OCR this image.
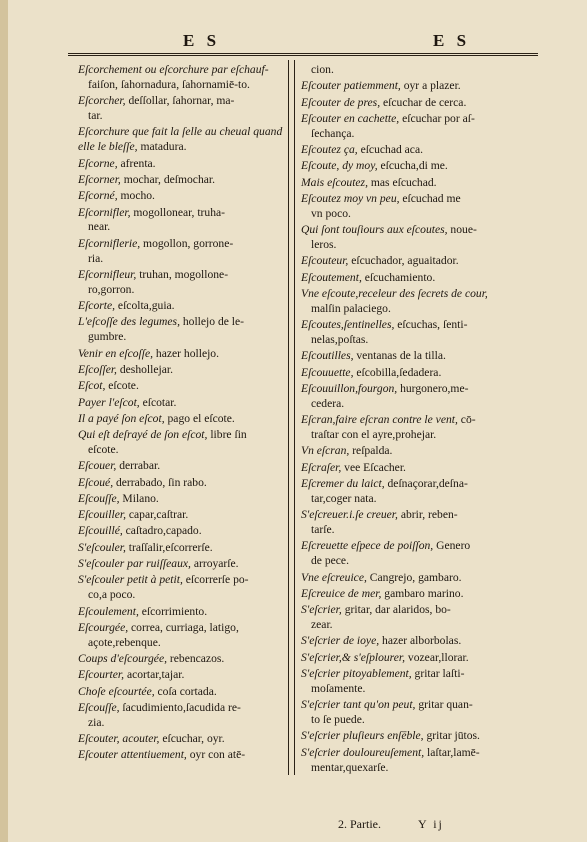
E S	E S
Eſcorchement ou eſcorchure par eſchauf-
faiſon, ſahornadura, ſahornamiē-to.
Eſcorcher, deſſollar, ſahornar, ma-
tar.
Eſcorchure que fait la ſelle au cheual quand elle le bleſſe, matadura.
Eſcorne, afrenta.
Eſcorner, mochar, deſmochar.
Eſcorné, mocho.
Eſcornifler, mogollonear, truha-
near.
Eſcorniflerie, mogollon, gorrone-
ria.
Eſcornifleur, truhan, mogollone-
ro,gorron.
Eſcorte, eſcolta,guia.
L'eſcoſſe des legumes, hollejo de le-
gumbre.
Venir en eſcoſſe, hazer hollejo.
Eſcoſſer, deshollejar.
Eſcot, eſcote.
Payer l'eſcot, eſcotar.
Il a payé ſon eſcot, pago el eſcote.
Qui eſt deſrayé de ſon eſcot, libre ſin
eſcote.
Eſcouer, derrabar.
Eſcoué, derrabado, ſin rabo.
Eſcouſſe, Milano.
Eſcouiller, capar,caſtrar.
Eſcouillé, caſtadro,capado.
S'eſcouler, traſſalir,eſcorrerſe.
S'eſcouler par ruiſſeaux, arroyarſe.
S'eſcouler petit à petit, eſcorrerſe po-
co,a poco.
Eſcoulement, eſcorrimiento.
Eſcourgée, correa, curriaga, latigo,
açote,rebenque.
Coups d'eſcourgée, rebencazos.
Eſcourter, acortar,tajar.
Choſe eſcourtée, coſa cortada.
Eſcouſſe, ſacudimiento,ſacudida re-
zia.
Eſcouter, acouter, eſcuchar, oyr.
Eſcouter attentiuement, oyr con atē-
cion.
Eſcouter patiemment, oyr a plazer.
Eſcouter de pres, eſcuchar de cerca.
Eſcouter en cachette, eſcuchar por aſ-
ſechança.
Eſcoutez ça, eſcuchad aca.
Eſcoute, dy moy, eſcucha,di me.
Mais eſcoutez, mas eſcuchad.
Eſcoutez moy vn peu, eſcuchad me
vn poco.
Qui ſont touſiours aux eſcoutes, noue-
leros.
Eſcouteur, eſcuchador, aguaitador.
Eſcoutement, eſcuchamiento.
Vne eſcoute,receleur des ſecrets de cour,
malſin palaciego.
Eſcoutes,ſentinelles, eſcuchas, ſenti-
nelas,poſtas.
Eſcoutilles, ventanas de la tilla.
Eſcouuette, eſcobilla,ſedadera.
Eſcouuillon,fourgon, hurgonero,me-
cedera.
Eſcran,faire eſcran contre le vent, cō-
traſtar con el ayre,prohejar.
Vn eſcran, reſpalda.
Eſcraſer, vee Eſcacher.
Eſcremer du laict, deſnaçorar,deſna-
tar,coger nata.
S'eſcreuer.i.ſe creuer, abrir, reben-
tarſe.
Eſcreuette eſpece de poiſſon, Genero
de pece.
Vne eſcreuice, Cangrejo, gambaro.
Eſcreuice de mer, gambaro marino.
S'eſcrier, gritar, dar alaridos, bo-
zear.
S'eſcrier de ioye, hazer alborbolas.
S'eſcrier,& s'eſplourer, vozear,llorar.
S'eſcrier pitoyablement, gritar laſti-
moſamente.
S'eſcrier tant qu'on peut, gritar quan-
to ſe puede.
S'eſcrier pluſieurs enſēble, gritar jūtos.
S'eſcrier douloureuſement, laſtar,lamē-
mentar,quexarſe.
2. Partie.	Y ij
